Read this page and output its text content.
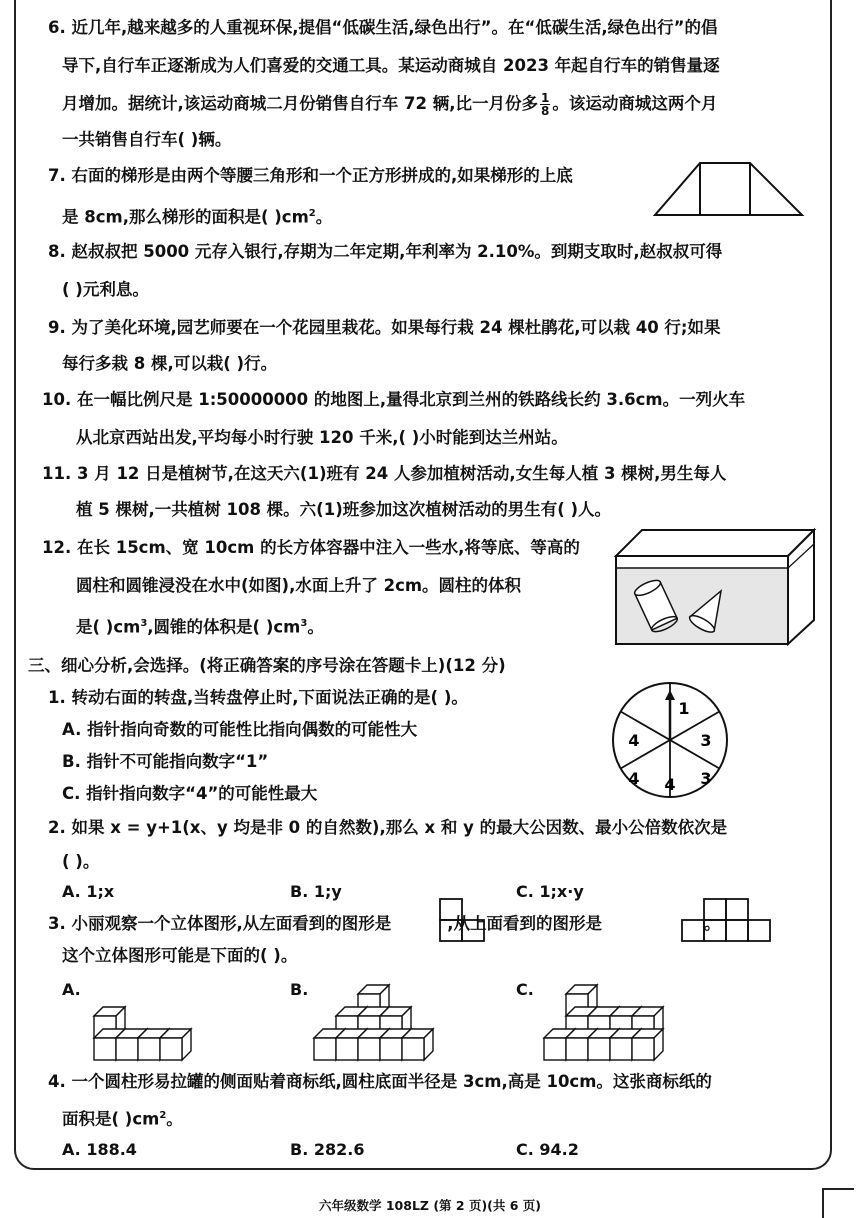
6. 近几年,越来越多的人重视环保,提倡“低碳生活,绿色出行”。在“低碳生活,绿色出行”的倡
导下,自行车正逐渐成为人们喜爱的交通工具。某运动商城自 2023 年起自行车的销售量逐
月增加。据统计,该运动商城二月份销售自行车 72 辆,比一月份多 $\frac{1}{8}$ 。该运动商城这两个月
一共销售自行车( )辆。
7. 右面的梯形是由两个等腰三角形和一个正方形拼成的,如果梯形的上底
是 8cm,那么梯形的面积是( )$cm^2$。
8. 赵叔叔把 5000 元存入银行,存期为二年定期,年利率为 2.10%。到期支取时,赵叔叔可得
( )元利息。
9. 为了美化环境,园艺师要在一个花园里栽花。如果每行栽 24 棵杜鹃花,可以栽 40 行;如果
每行多栽 8 棵,可以栽( )行。
10. 在一幅比例尺是 1:50000000 的地图上,量得北京到兰州的铁路线长约 3.6cm。一列火车
从北京西站出发,平均每小时行驶 120 千米,( )小时能到达兰州站。
11. 3 月 12 日是植树节,在这天六(1)班有 24 人参加植树活动,女生每人植 3 棵树,男生每人
植 5 棵树,一共植树 108 棵。六(1)班参加这次植树活动的男生有( )人。
12. 在长 15cm、宽 10cm 的长方体容器中注入一些水,将等底、等高的
圆柱和圆锥浸没在水中(如图),水面上升了 2cm。圆柱的体积
是( )$cm^3$,圆锥的体积是( )$cm^3$。
三、细心分析,会选择。(将正确答案的序号涂在答题卡上)(12 分)
1. 转动右面的转盘,当转盘停止时,下面说法正确的是( )。
A. 指针指向奇数的可能性比指向偶数的可能性大
B. 指针不可能指向数字“1”
C. 指针指向数字“4”的可能性最大
1
3
3
4
4
4
2. 如果 x = y+1(x、y 均是非 0 的自然数),那么 x 和 y 的最大公因数、最小公倍数依次是
( )。
A. 1;x	B. 1;y	C. 1;x·y
3. 小丽观察一个立体图形,从左面看到的图形是	,从上面看到的图形是	。
这个立体图形可能是下面的( )。
A.	B.	C.
4. 一个圆柱形易拉罐的侧面贴着商标纸,圆柱底面半径是 3cm,高是 10cm。这张商标纸的
面积是( )$cm^2$。
A. 188.4	B. 282.6	C. 94.2
六年级数学 108LZ (第 2 页)(共 6 页)
